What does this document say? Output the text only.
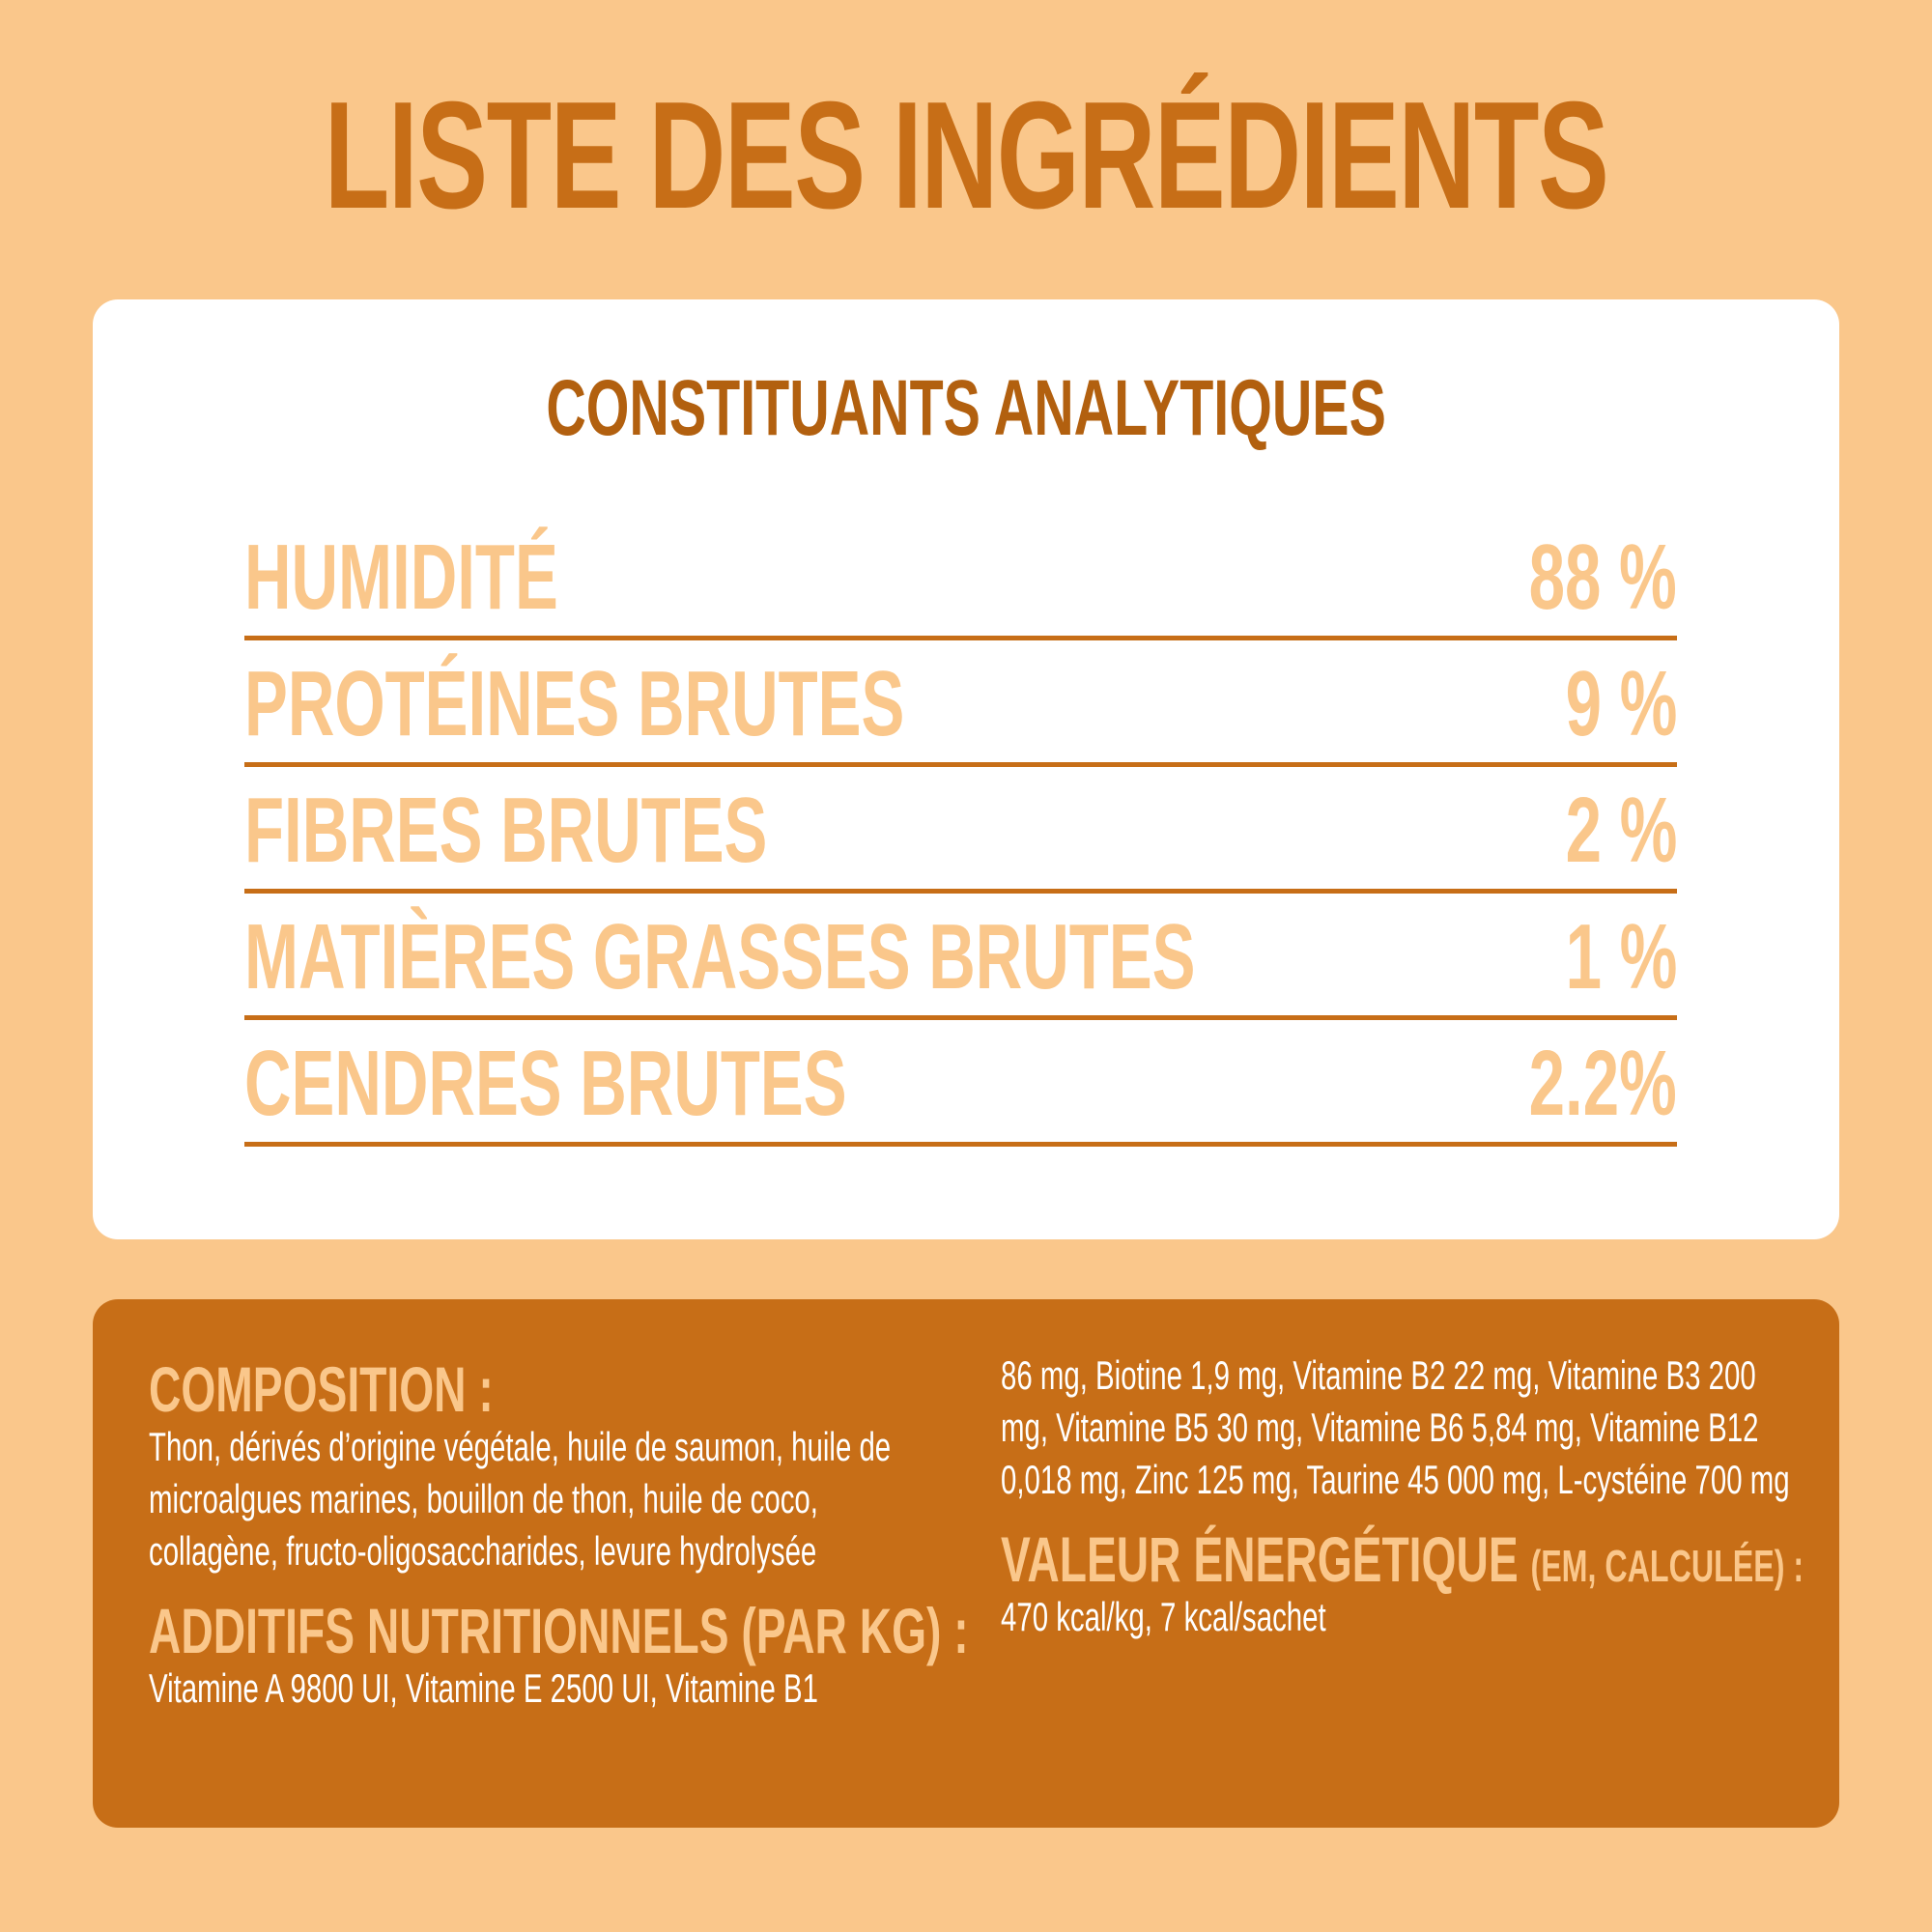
LISTE DES INGRÉDIENTS
CONSTITUANTS ANALYTIQUES
HUMIDITÉ	88 %
PROTÉINES BRUTES	9 %
FIBRES BRUTES	2 %
MATIÈRES GRASSES BRUTES	1 %
CENDRES BRUTES	2.2%
COMPOSITION :

Thon, dérivés d’origine végétale, huile de saumon, huile de microalgues marines, bouillon de thon, huile de coco, collagène, fructo-oligosaccharides, levure hydrolysée

ADDITIFS NUTRITIONNELS (PAR KG) :

Vitamine A 9800 UI, Vitamine E 2500 UI, Vitamine B1

86 mg, Biotine 1,9 mg, Vitamine B2 22 mg, Vitamine B3 200 mg, Vitamine B5 30 mg, Vitamine B6 5,84 mg, Vitamine B12 0,018 mg, Zinc 125 mg, Taurine 45 000 mg, L-cystéine 700 mg

VALEUR ÉNERGÉTIQUE (EM, CALCULÉE) :

470 kcal/kg, 7 kcal/sachet
